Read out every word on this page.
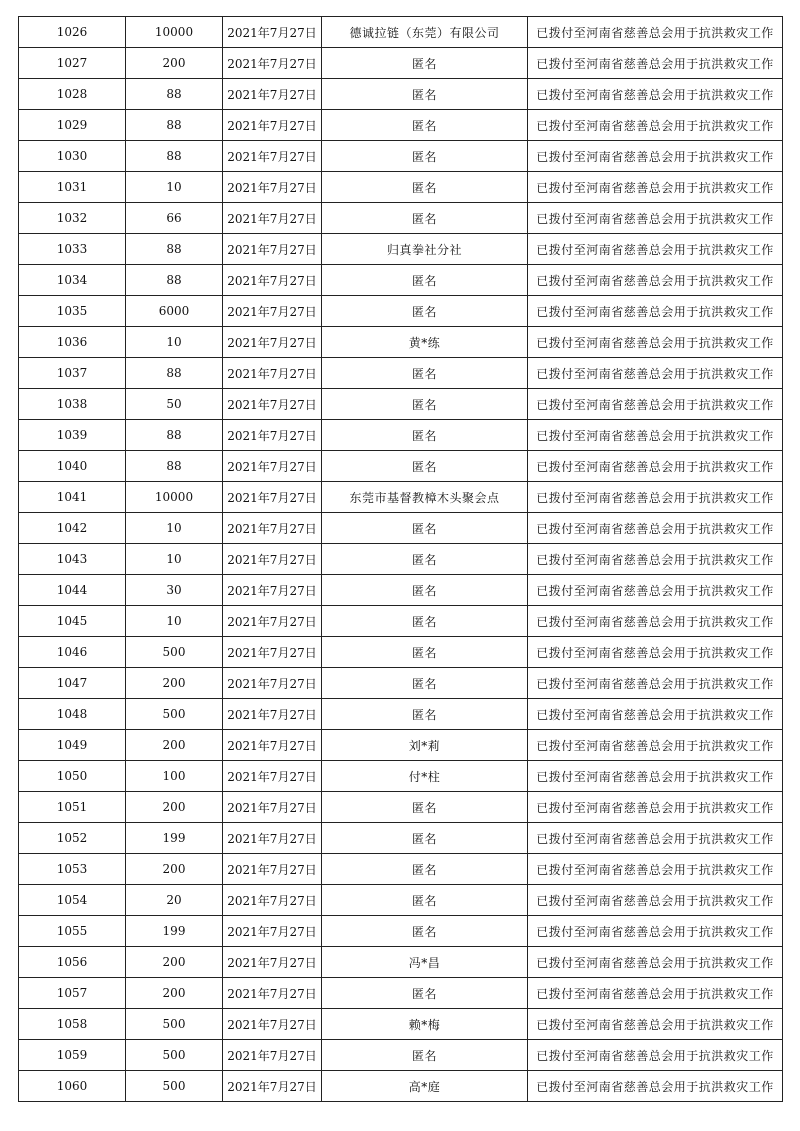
1026	10000	2021年7月27日	德诚拉链（东莞）有限公司	已拨付至河南省慈善总会用于抗洪救灾工作
1027	200	2021年7月27日	匿名	已拨付至河南省慈善总会用于抗洪救灾工作
1028	88	2021年7月27日	匿名	已拨付至河南省慈善总会用于抗洪救灾工作
1029	88	2021年7月27日	匿名	已拨付至河南省慈善总会用于抗洪救灾工作
1030	88	2021年7月27日	匿名	已拨付至河南省慈善总会用于抗洪救灾工作
1031	10	2021年7月27日	匿名	已拨付至河南省慈善总会用于抗洪救灾工作
1032	66	2021年7月27日	匿名	已拨付至河南省慈善总会用于抗洪救灾工作
1033	88	2021年7月27日	归真拳社分社	已拨付至河南省慈善总会用于抗洪救灾工作
1034	88	2021年7月27日	匿名	已拨付至河南省慈善总会用于抗洪救灾工作
1035	6000	2021年7月27日	匿名	已拨付至河南省慈善总会用于抗洪救灾工作
1036	10	2021年7月27日	黄*练	已拨付至河南省慈善总会用于抗洪救灾工作
1037	88	2021年7月27日	匿名	已拨付至河南省慈善总会用于抗洪救灾工作
1038	50	2021年7月27日	匿名	已拨付至河南省慈善总会用于抗洪救灾工作
1039	88	2021年7月27日	匿名	已拨付至河南省慈善总会用于抗洪救灾工作
1040	88	2021年7月27日	匿名	已拨付至河南省慈善总会用于抗洪救灾工作
1041	10000	2021年7月27日	东莞市基督教樟木头聚会点	已拨付至河南省慈善总会用于抗洪救灾工作
1042	10	2021年7月27日	匿名	已拨付至河南省慈善总会用于抗洪救灾工作
1043	10	2021年7月27日	匿名	已拨付至河南省慈善总会用于抗洪救灾工作
1044	30	2021年7月27日	匿名	已拨付至河南省慈善总会用于抗洪救灾工作
1045	10	2021年7月27日	匿名	已拨付至河南省慈善总会用于抗洪救灾工作
1046	500	2021年7月27日	匿名	已拨付至河南省慈善总会用于抗洪救灾工作
1047	200	2021年7月27日	匿名	已拨付至河南省慈善总会用于抗洪救灾工作
1048	500	2021年7月27日	匿名	已拨付至河南省慈善总会用于抗洪救灾工作
1049	200	2021年7月27日	刘*莉	已拨付至河南省慈善总会用于抗洪救灾工作
1050	100	2021年7月27日	付*柱	已拨付至河南省慈善总会用于抗洪救灾工作
1051	200	2021年7月27日	匿名	已拨付至河南省慈善总会用于抗洪救灾工作
1052	199	2021年7月27日	匿名	已拨付至河南省慈善总会用于抗洪救灾工作
1053	200	2021年7月27日	匿名	已拨付至河南省慈善总会用于抗洪救灾工作
1054	20	2021年7月27日	匿名	已拨付至河南省慈善总会用于抗洪救灾工作
1055	199	2021年7月27日	匿名	已拨付至河南省慈善总会用于抗洪救灾工作
1056	200	2021年7月27日	冯*昌	已拨付至河南省慈善总会用于抗洪救灾工作
1057	200	2021年7月27日	匿名	已拨付至河南省慈善总会用于抗洪救灾工作
1058	500	2021年7月27日	赖*梅	已拨付至河南省慈善总会用于抗洪救灾工作
1059	500	2021年7月27日	匿名	已拨付至河南省慈善总会用于抗洪救灾工作
1060	500	2021年7月27日	高*庭	已拨付至河南省慈善总会用于抗洪救灾工作
